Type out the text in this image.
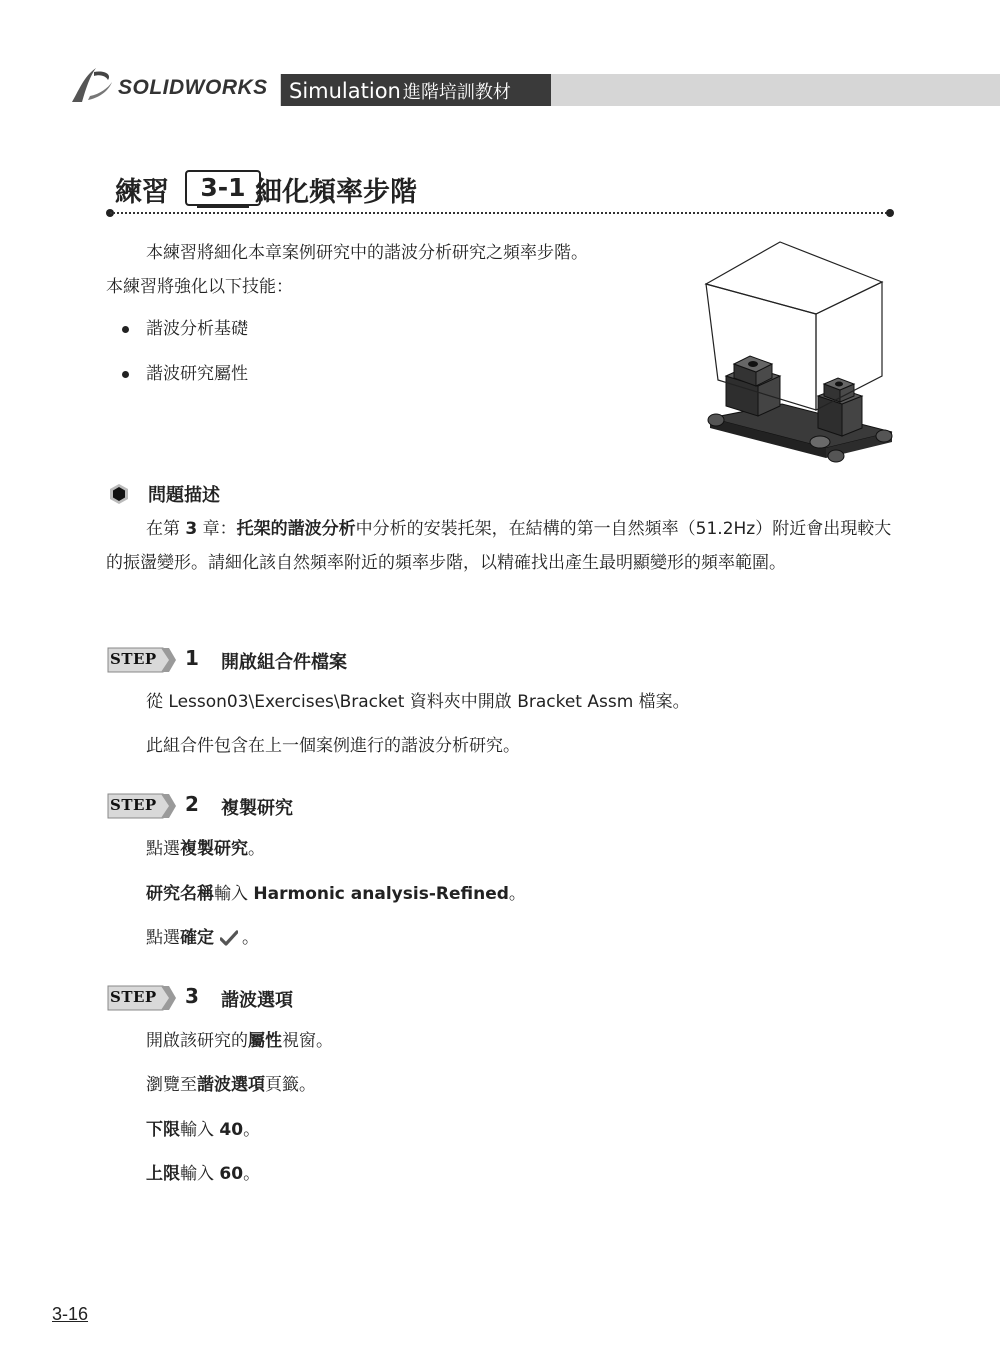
SOLIDWORKS Simulation 進階培訓教材
練習	3-1 細化頻率步階
本練習將細化本章案例研究中的諧波分析研究之頻率步階。
本練習將強化以下技能：
諧波分析基礎
諧波研究屬性
問題描述
在第 3 章：托架的諧波分析中分析的安裝托架，在結構的第一自然頻率（51.2Hz）附近會出現較大的振盪變形。請細化該自然頻率附近的頻率步階，以精確找出產生最明顯變形的頻率範圍。
STEP 1 開啟組合件檔案
從 Lesson03\Exercises\Bracket 資料夾中開啟 Bracket Assm 檔案。
此組合件包含在上一個案例進行的諧波分析研究。
STEP 2 複製研究
點選複製研究。
研究名稱輸入 Harmonic analysis-Refined。
點選確定 。
STEP 3 諧波選項
開啟該研究的屬性視窗。
瀏覽至諧波選項頁籤。
下限輸入 40。
上限輸入 60。
3-16
